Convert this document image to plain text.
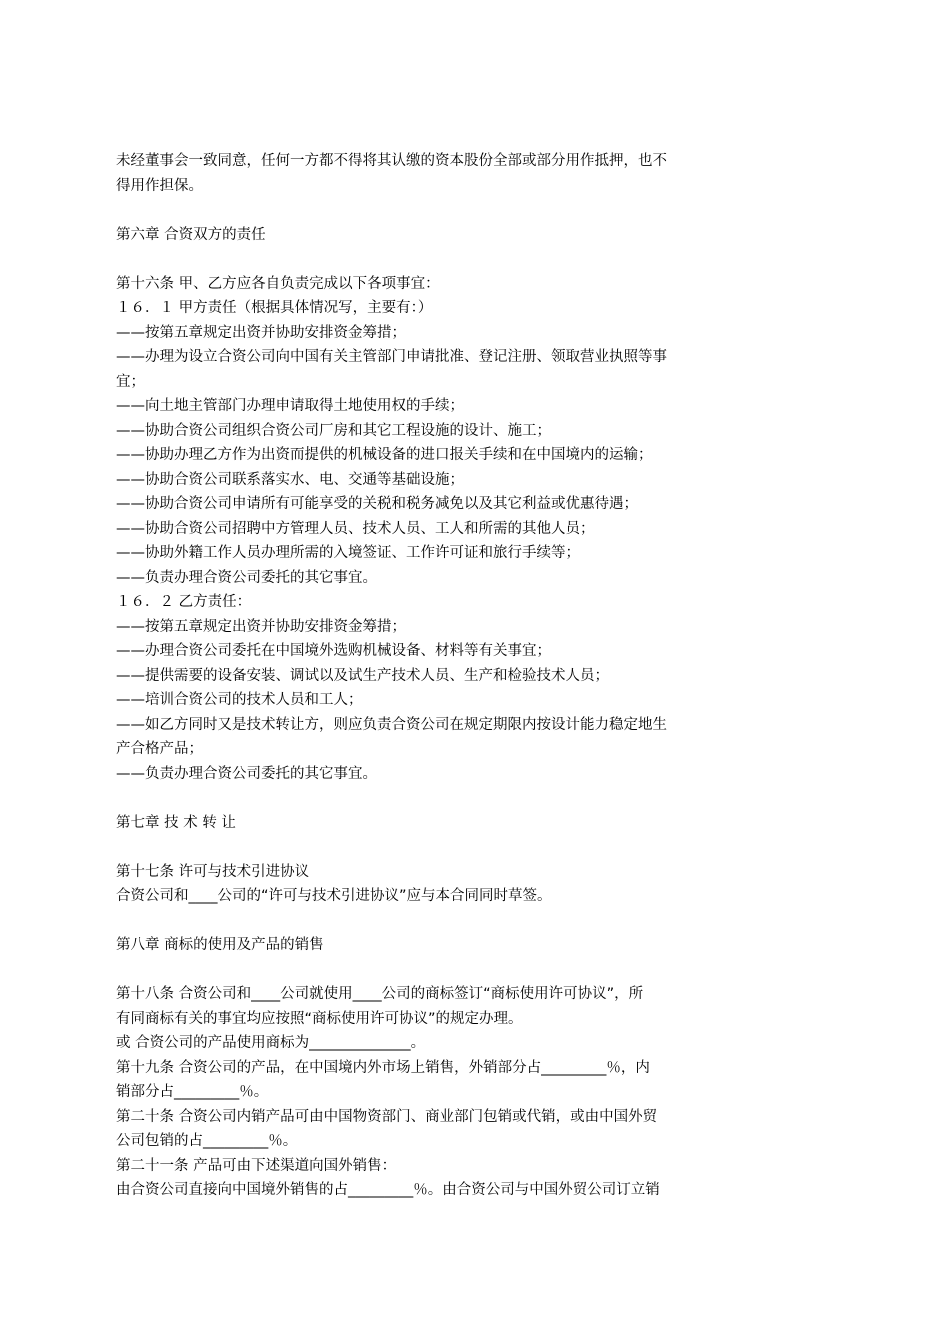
未经董事会一致同意，任何一方都不得将其认缴的资本股份全部或部分用作抵押，也不
得用作担保。
第六章 合资双方的责任
第十六条 甲、乙方应各自负责完成以下各项事宜：
１６．１ 甲方责任（根据具体情况写，主要有：）
——按第五章规定出资并协助安排资金筹措；
——办理为设立合资公司向中国有关主管部门申请批准、登记注册、领取营业执照等事
宜；
——向土地主管部门办理申请取得土地使用权的手续；
——协助合资公司组织合资公司厂房和其它工程设施的设计、施工；
——协助办理乙方作为出资而提供的机械设备的进口报关手续和在中国境内的运输；
——协助合资公司联系落实水、电、交通等基础设施；
——协助合资公司申请所有可能享受的关税和税务减免以及其它利益或优惠待遇；
——协助合资公司招聘中方管理人员、技术人员、工人和所需的其他人员；
——协助外籍工作人员办理所需的入境签证、工作许可证和旅行手续等；
——负责办理合资公司委托的其它事宜。
１６．２ 乙方责任：
——按第五章规定出资并协助安排资金筹措；
——办理合资公司委托在中国境外选购机械设备、材料等有关事宜；
——提供需要的设备安装、调试以及试生产技术人员、生产和检验技术人员；
——培训合资公司的技术人员和工人；
——如乙方同时又是技术转让方，则应负责合资公司在规定期限内按设计能力稳定地生
产合格产品；
——负责办理合资公司委托的其它事宜。
第七章 技 术 转 让
第十七条 许可与技术引进协议
合资公司和____公司的“许可与技术引进协议”应与本合同同时草签。
第八章 商标的使用及产品的销售
第十八条 合资公司和____公司就使用____公司的商标签订“商标使用许可协议”，所
有同商标有关的事宜均应按照“商标使用许可协议”的规定办理。
或 合资公司的产品使用商标为______________。
第十九条 合资公司的产品，在中国境内外市场上销售，外销部分占_________％，内
销部分占_________％。
第二十条 合资公司内销产品可由中国物资部门、商业部门包销或代销，或由中国外贸
公司包销的占_________％。
第二十一条 产品可由下述渠道向国外销售：
由合资公司直接向中国境外销售的占_________％。由合资公司与中国外贸公司订立销
